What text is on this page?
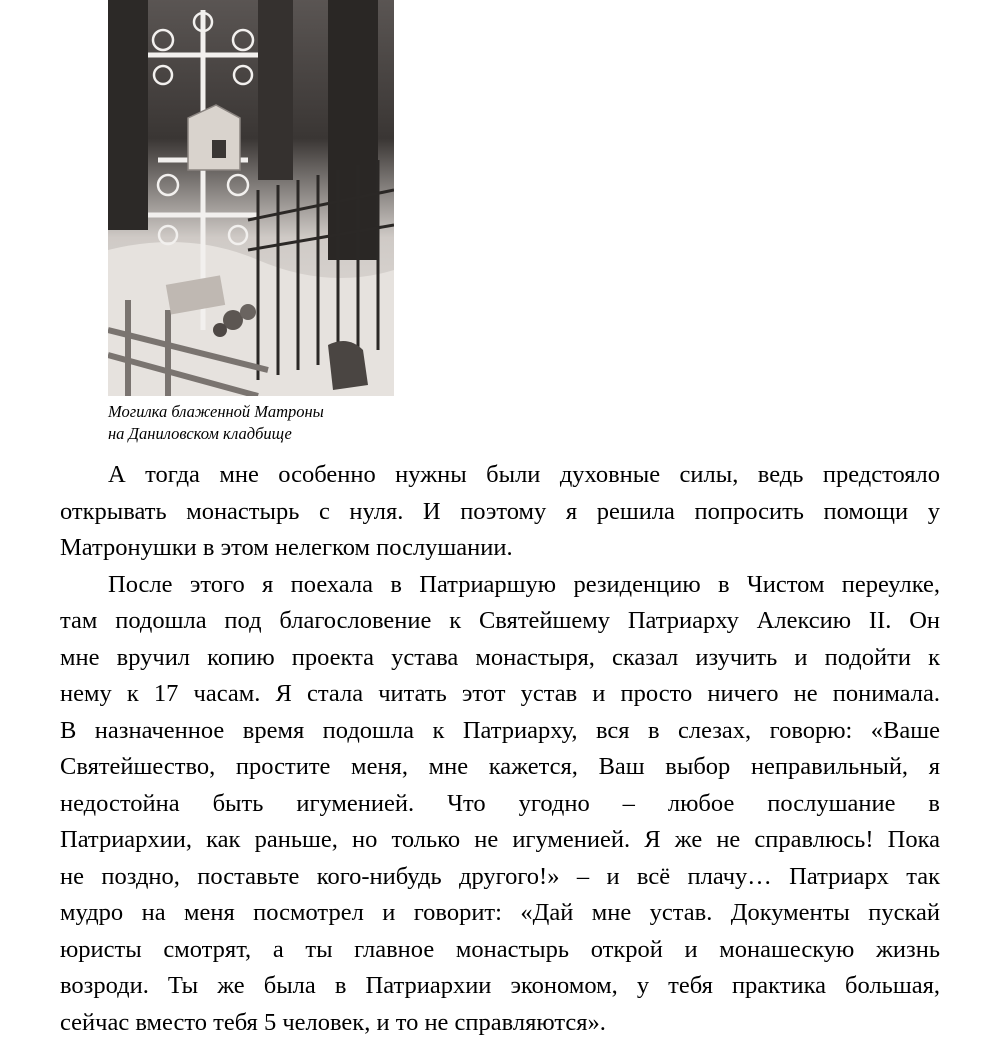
Могилка блаженной Матроны
на Даниловском кладбище

А тогда мне особенно нужны были духовные силы, ведь предстояло
открывать монастырь с нуля. И поэтому я решила попросить помощи у
Матронушки в этом нелегком послушании.

После этого я поехала в Патриаршую резиденцию в Чистом переулке,
там подошла под благословение к Святейшему Патриарху Алексию II. Он
мне вручил копию проекта устава монастыря, сказал изучить и подойти к
нему к 17 часам. Я стала читать этот устав и просто ничего не понимала.
В назначенное время подошла к Патриарху, вся в слезах, говорю: «Ваше
Святейшество, простите меня, мне кажется, Ваш выбор неправильный, я
недостойна быть игуменией. Что угодно – любое послушание в
Патриархии, как раньше, но только не игуменией. Я же не справлюсь! Пока
не поздно, поставьте кого-нибудь другого!» – и всё плачу… Патриарх так
мудро на меня посмотрел и говорит: «Дай мне устав. Документы пускай
юристы смотрят, а ты главное монастырь открой и монашескую жизнь
возроди. Ты же была в Патриархии экономом, у тебя практика большая,
сейчас вместо тебя 5 человек, и то не справляются».
